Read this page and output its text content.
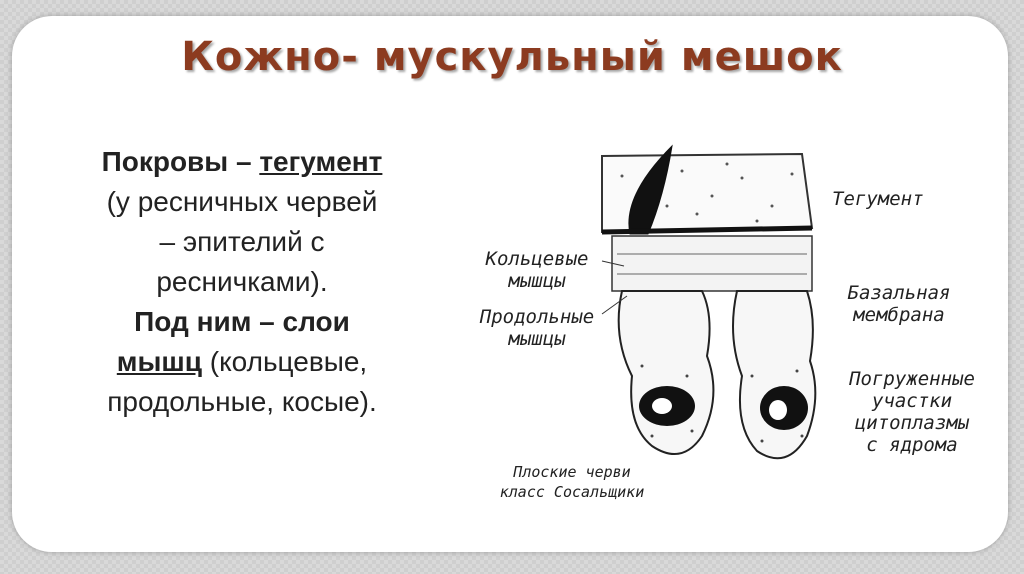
Кожно- мускульный мешок
Покровы – тегумент
(у ресничных червей
– эпителий с
ресничками).
Под ним – слои
мышц (кольцевые,
продольные, косые).
Тегумент
Кольцевые
мышцы
Продольные
мышцы
Базальная
мембрана
Погруженные
участки
цитоплазмы
с ядрома
Плоские черви
класс Сосальщики
